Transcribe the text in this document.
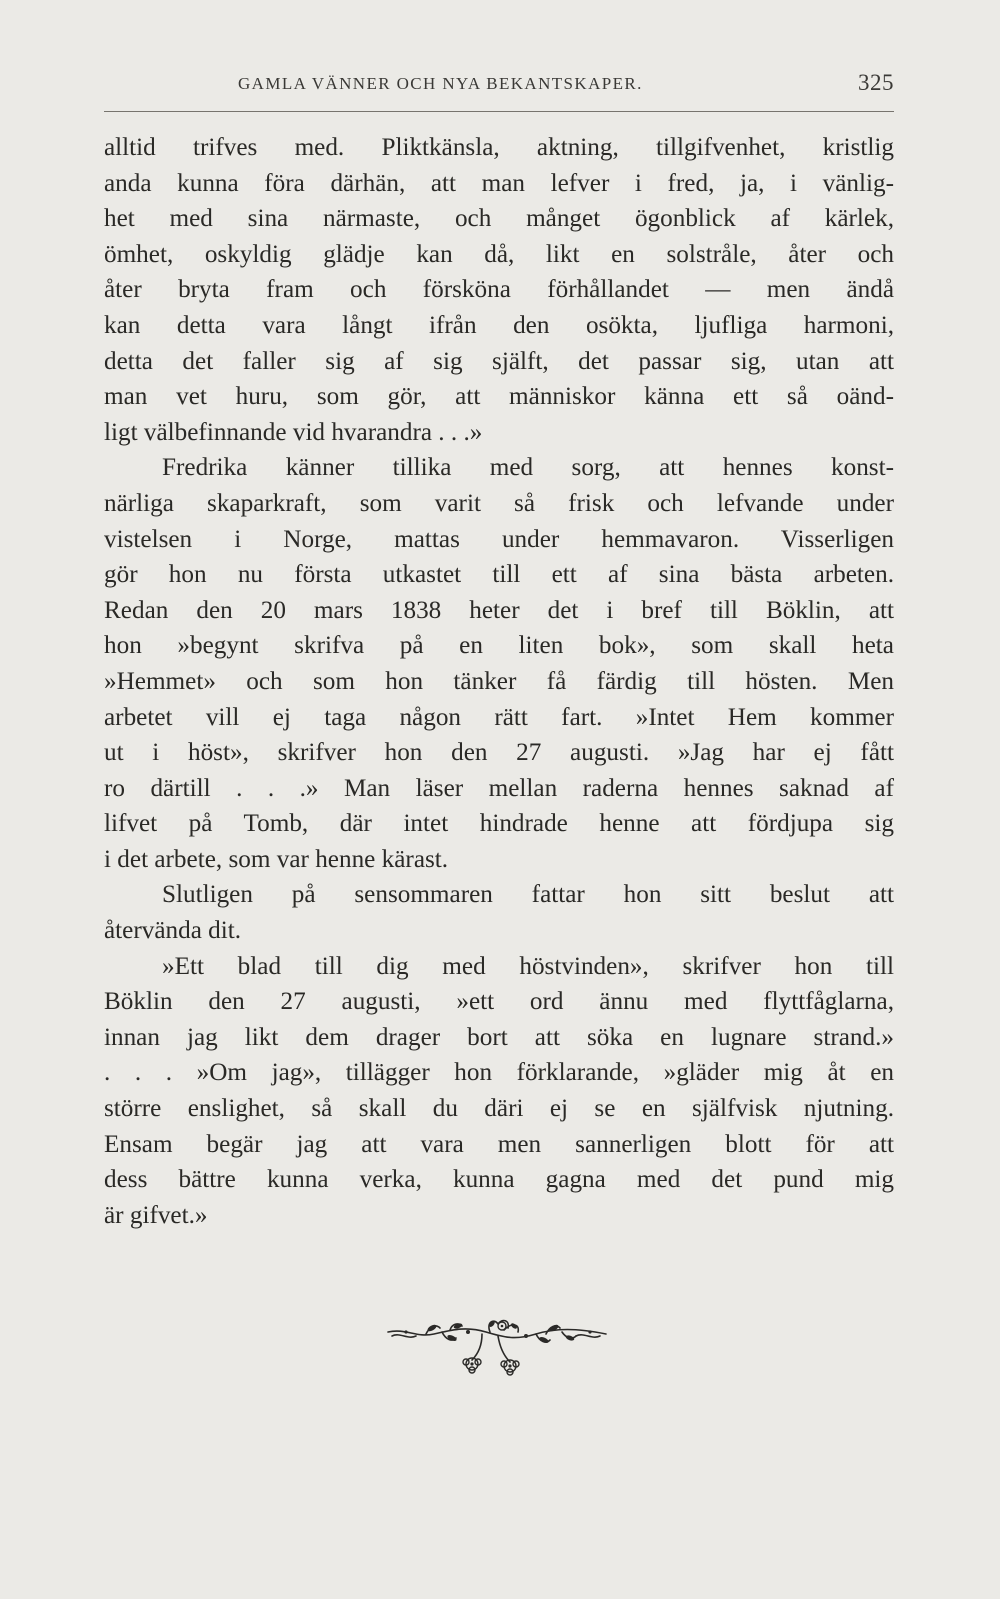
GAMLA VÄNNER OCH NYA BEKANTSKAPER.	325
alltid trifves med. Pliktkänsla, aktning, tillgifvenhet, kristlig
anda kunna föra därhän, att man lefver i fred, ja, i vänlig-
het med sina närmaste, och månget ögonblick af kärlek,
ömhet, oskyldig glädje kan då, likt en solstråle, åter och
åter bryta fram och försköna förhållandet — men ändå
kan detta vara långt ifrån den osökta, ljufliga harmoni,
detta det faller sig af sig själft, det passar sig, utan att
man vet huru, som gör, att människor känna ett så oänd-
ligt välbefinnande vid hvarandra . . .»
Fredrika känner tillika med sorg, att hennes konst-
närliga skaparkraft, som varit så frisk och lefvande under
vistelsen i Norge, mattas under hemmavaron. Visserligen
gör hon nu första utkastet till ett af sina bästa arbeten.
Redan den 20 mars 1838 heter det i bref till Böklin, att
hon »begynt skrifva på en liten bok», som skall heta
»Hemmet» och som hon tänker få färdig till hösten. Men
arbetet vill ej taga någon rätt fart. »Intet Hem kommer
ut i höst», skrifver hon den 27 augusti. »Jag har ej fått
ro därtill . . .» Man läser mellan raderna hennes saknad af
lifvet på Tomb, där intet hindrade henne att fördjupa sig
i det arbete, som var henne kärast.
Slutligen på sensommaren fattar hon sitt beslut att
återvända dit.
»Ett blad till dig med höstvinden», skrifver hon till
Böklin den 27 augusti, »ett ord ännu med flyttfåglarna,
innan jag likt dem drager bort att söka en lugnare strand.»
. . . »Om jag», tillägger hon förklarande, »gläder mig åt en
större enslighet, så skall du däri ej se en själfvisk njutning.
Ensam begär jag att vara men sannerligen blott för att
dess bättre kunna verka, kunna gagna med det pund mig
är gifvet.»
